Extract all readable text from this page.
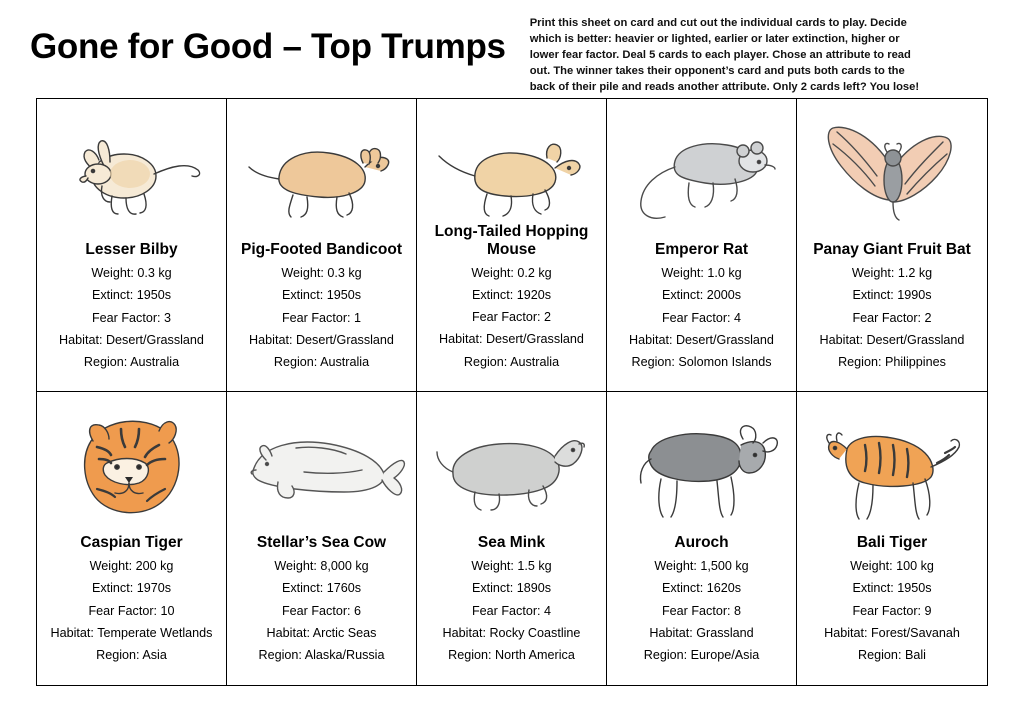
Gone for Good – Top Trumps
Print this sheet on card and cut out the individual cards to play. Decide which is better: heavier or lighted, earlier or later extinction, higher or lower fear factor. Deal 5 cards to each player. Chose an attribute to read out. The winner takes their opponent’s card and puts both cards to the back of their pile and reads another attribute. Only 2 cards left? You lose!
Lesser Bilby
Weight: 0.3 kg
Extinct: 1950s
Fear Factor: 3
Habitat: Desert/Grassland
Region: Australia
Pig-Footed Bandicoot
Weight: 0.3 kg
Extinct: 1950s
Fear Factor: 1
Habitat: Desert/Grassland
Region: Australia
Long-Tailed Hopping Mouse
Weight: 0.2 kg
Extinct: 1920s
Fear Factor: 2
Habitat: Desert/Grassland
Region: Australia
Emperor Rat
Weight: 1.0 kg
Extinct: 2000s
Fear Factor: 4
Habitat: Desert/Grassland
Region: Solomon Islands
Panay Giant Fruit Bat
Weight: 1.2 kg
Extinct: 1990s
Fear Factor: 2
Habitat: Desert/Grassland
Region: Philippines
Caspian Tiger
Weight: 200 kg
Extinct: 1970s
Fear Factor: 10
Habitat: Temperate Wetlands
Region: Asia
Stellar’s Sea Cow
Weight: 8,000 kg
Extinct: 1760s
Fear Factor: 6
Habitat: Arctic Seas
Region: Alaska/Russia
Sea Mink
Weight: 1.5 kg
Extinct: 1890s
Fear Factor: 4
Habitat: Rocky Coastline
Region: North America
Auroch
Weight: 1,500 kg
Extinct: 1620s
Fear Factor: 8
Habitat: Grassland
Region: Europe/Asia
Bali Tiger
Weight: 100 kg
Extinct: 1950s
Fear Factor: 9
Habitat: Forest/Savanah
Region: Bali
